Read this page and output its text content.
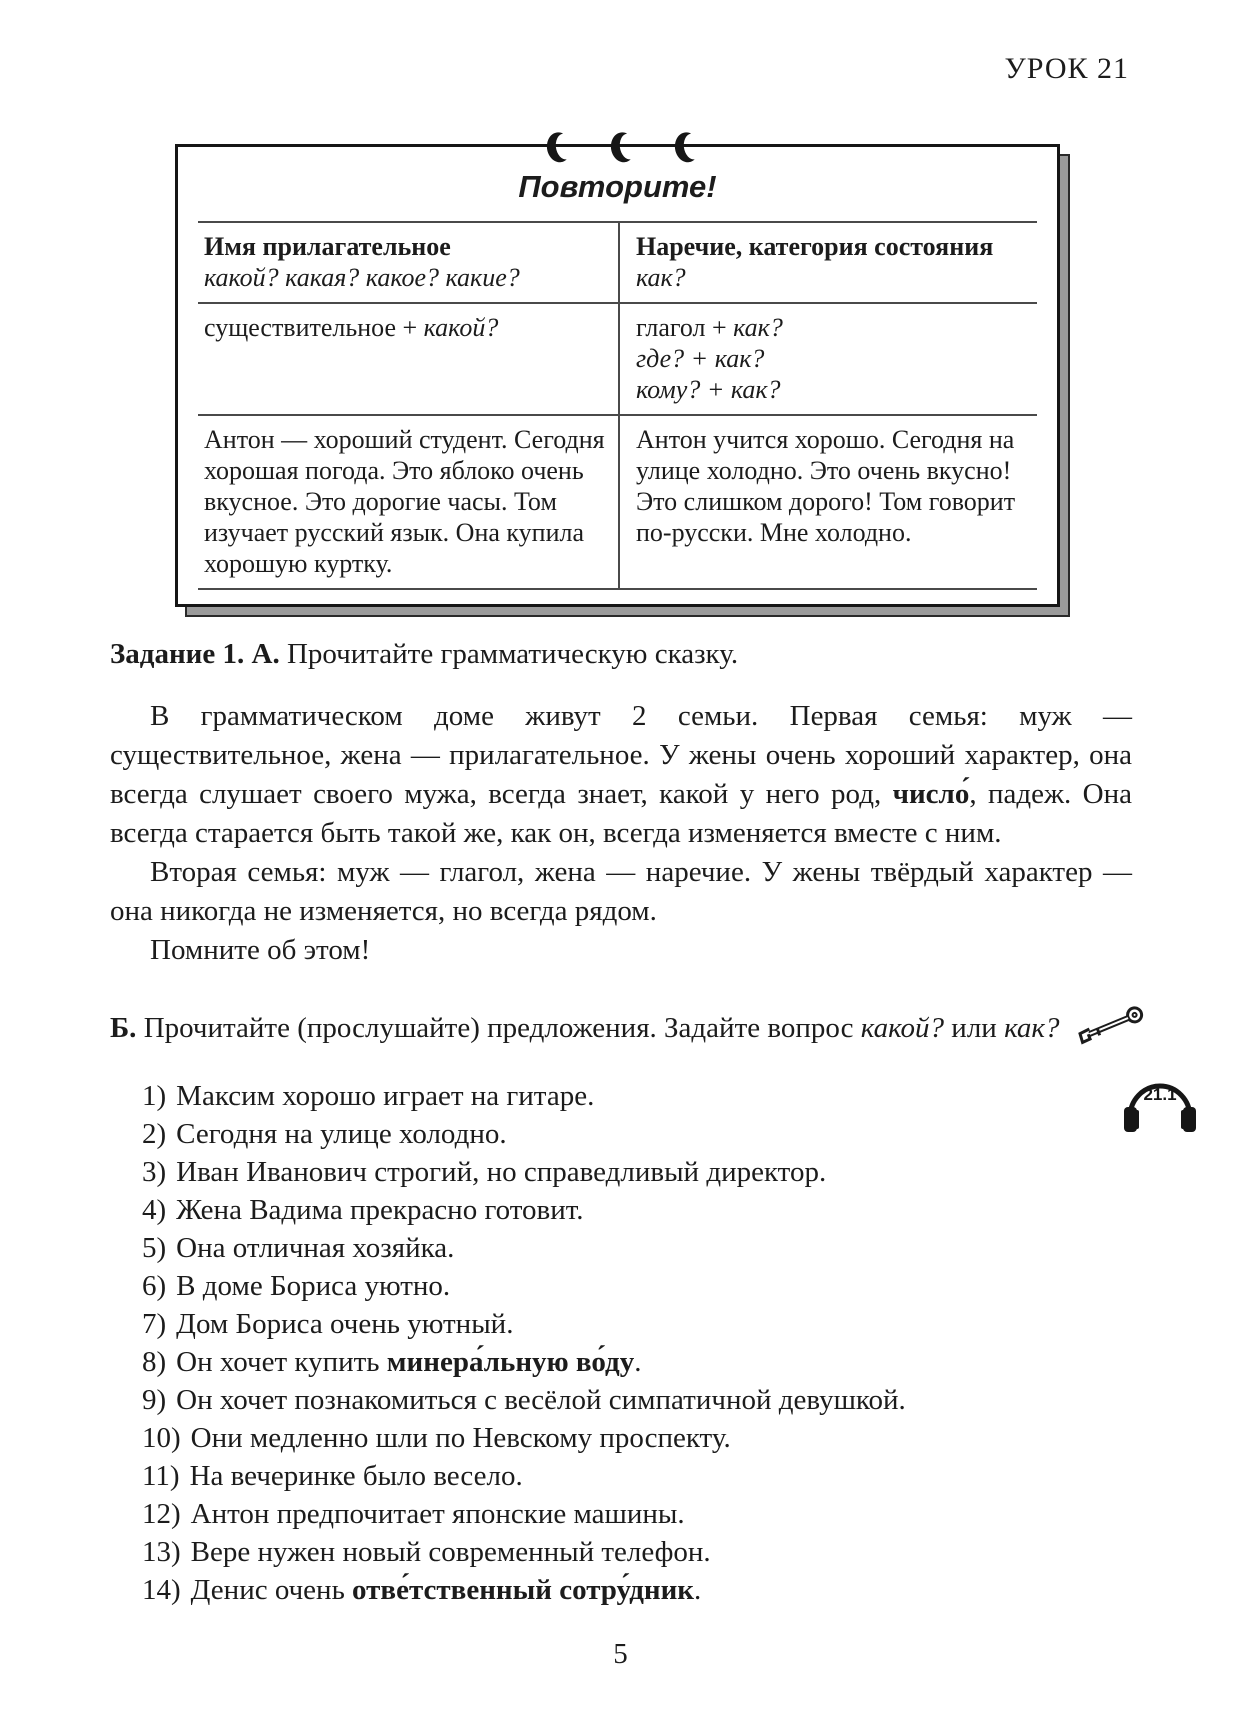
УРОК 21
Повторите!
Имя прилагательное
какой? какая? какое? какие?
Наречие, категория состояния
как?
существительное + какой?	глагол + как?
где? + как?
кому? + как?
Антон — хороший студент. Сегодня хорошая погода. Это яблоко очень вкусное. Это дорогие часы. Том изучает русский язык. Она купила хорошую куртку.
Антон учится хорошо. Сегодня на улице холодно. Это очень вкусно! Это слишком дорого! Том говорит по-русски. Мне холодно.
Задание 1. А. Прочитайте грамматическую сказку.

В грамматическом доме живут 2 семьи. Первая семья: муж — существительное, жена — прилагательное. У жены очень хороший характер, она всегда слушает своего мужа, всегда знает, какой у него род, число́, падеж. Она всегда старается быть такой же, как он, всегда изменяется вместе с ним.

Вторая семья: муж — глагол, жена — наречие. У жены твёрдый характер — она никогда не изменяется, но всегда рядом.

Помните об этом!

Б. Прочитайте (прослушайте) предложения. Задайте вопрос какой? или как?
21.1
1) Максим хорошо играет на гитаре.
2) Сегодня на улице холодно.
3) Иван Иванович строгий, но справедливый директор.
4) Жена Вадима прекрасно готовит.
5) Она отличная хозяйка.
6) В доме Бориса уютно.
7) Дом Бориса очень уютный.
8) Он хочет купить минера́льную во́ду.
9) Он хочет познакомиться с весёлой симпатичной девушкой.
10) Они медленно шли по Невскому проспекту.
11) На вечеринке было весело.
12) Антон предпочитает японские машины.
13) Вере нужен новый современный телефон.
14) Денис очень отве́тственный сотру́дник.
5
